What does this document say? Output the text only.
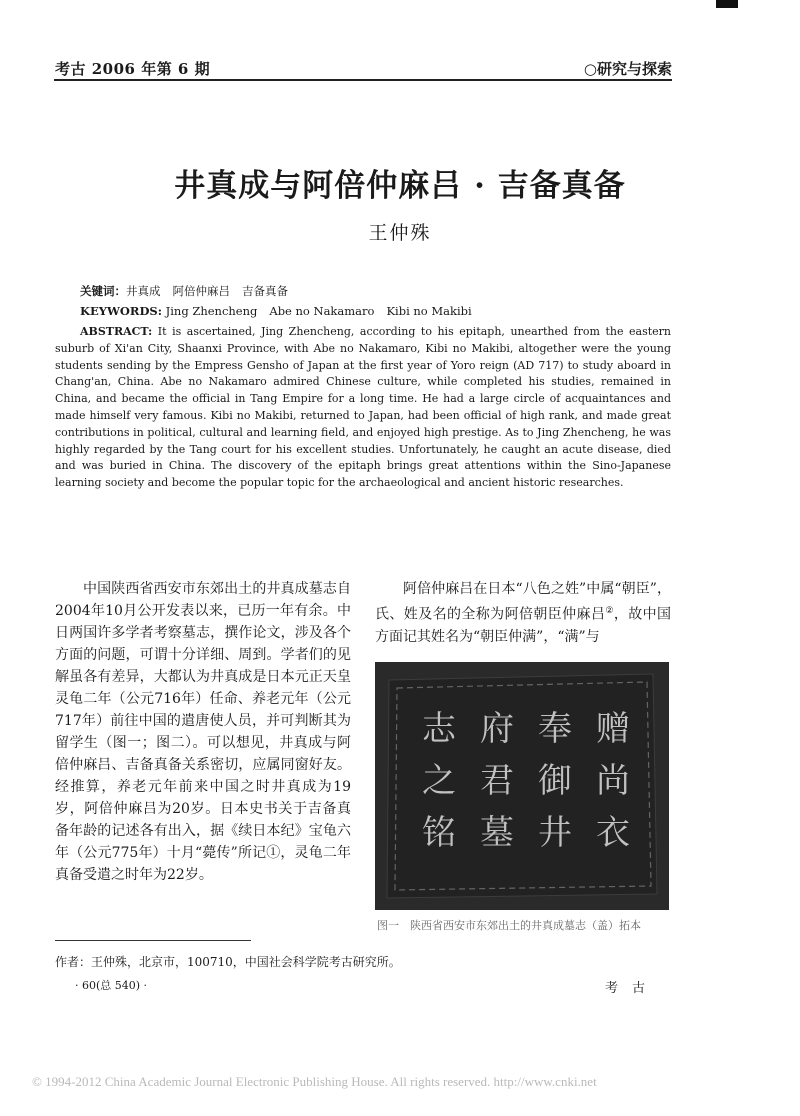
考古 2006 年第 6 期	○研究与探索
井真成与阿倍仲麻吕 · 吉备真备
王仲殊
关键词：井真成 阿倍仲麻吕 吉备真备
KEYWORDS: Jing Zhencheng Abe no Nakamaro Kibi no Makibi
ABSTRACT: It is ascertained, Jing Zhencheng, according to his epitaph, unearthed from the eastern suburb of Xi'an City, Shaanxi Province, with Abe no Nakamaro, Kibi no Makibi, altogether were the young students sending by the Empress Gensho of Japan at the first year of Yoro reign (AD 717) to study aboard in Chang'an, China. Abe no Nakamaro admired Chinese culture, while completed his studies, remained in China, and became the official in Tang Empire for a long time. He had a large circle of acquaintances and made himself very famous. Kibi no Makibi, returned to Japan, had been official of high rank, and made great contributions in political, cultural and learning field, and enjoyed high prestige. As to Jing Zhencheng, he was highly regarded by the Tang court for his excellent studies. Unfortunately, he caught an acute disease, died and was buried in China. The discovery of the epitaph brings great attentions within the Sino-Japanese learning society and become the popular topic for the archaeological and ancient historic researches.
中国陕西省西安市东郊出土的井真成墓志自2004年10月公开发表以来，已历一年有余。中日两国许多学者考察墓志，撰作论文，涉及各个方面的问题，可谓十分详细、周到。学者们的见解虽各有差异，大都认为井真成是日本元正天皇灵龟二年（公元716年）任命、养老元年（公元717年）前往中国的遣唐使人员，并可判断其为留学生（图一；图二）。可以想见，井真成与阿倍仲麻吕、吉备真备关系密切，应属同窗好友。经推算，养老元年前来中国之时井真成为19岁，阿倍仲麻吕为20岁。日本史书关于吉备真备年龄的记述各有出入，据《续日本纪》宝龟六年（公元775年）十月“薨传”所记①，灵龟二年真备受遣之时年为22岁。
阿倍仲麻吕在日本“八色之姓”中属“朝臣”，氏、姓及名的全称为阿倍朝臣仲麻吕②，故中国方面记其姓名为“朝臣仲满”，“满”与
赠
尚
衣
奉
御
井
府
君
墓
志
之
铭
图一　陕西省西安市东郊出土的井真成墓志（盖）拓本
作者：王仲殊，北京市，100710，中国社会科学院考古研究所。
· 60(总 540) ·	考古
© 1994-2012 China Academic Journal Electronic Publishing House. All rights reserved. http://www.cnki.net
